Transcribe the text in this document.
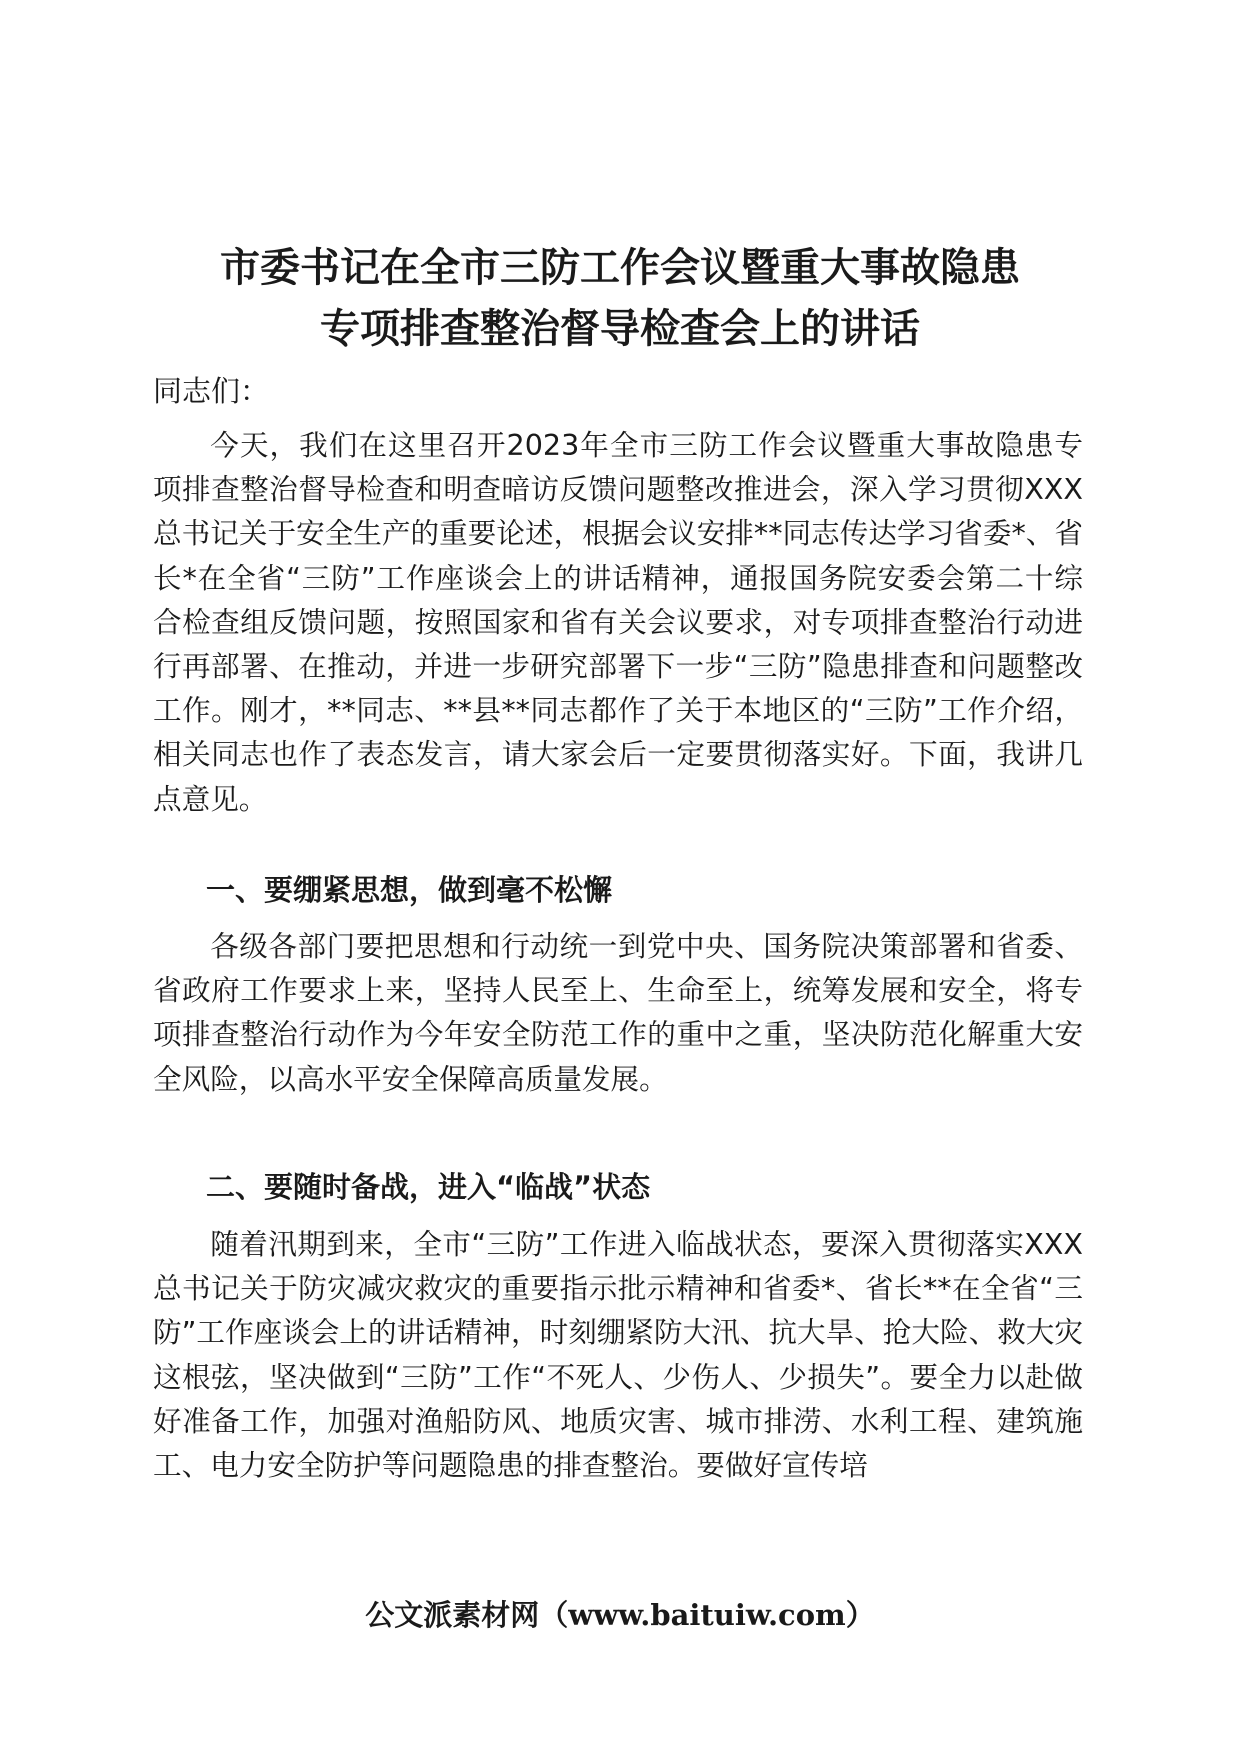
市委书记在全市三防工作会议暨重大事故隐患
专项排查整治督导检查会上的讲话
同志们：

今天，我们在这里召开2023年全市三防工作会议暨重大事故隐患专项排查整治督导检查和明查暗访反馈问题整改推进会，深入学习贯彻XXX总书记关于安全生产的重要论述，根据会议安排**同志传达学习省委*、省长*在全省“三防”工作座谈会上的讲话精神，通报国务院安委会第二十综合检查组反馈问题，按照国家和省有关会议要求，对专项排查整治行动进行再部署、在推动，并进一步研究部署下一步“三防”隐患排查和问题整改工作。刚才，**同志、**县**同志都作了关于本地区的“三防”工作介绍，相关同志也作了表态发言，请大家会后一定要贯彻落实好。下面，我讲几点意见。

一、要绷紧思想，做到毫不松懈

各级各部门要把思想和行动统一到党中央、国务院决策部署和省委、省政府工作要求上来，坚持人民至上、生命至上，统筹发展和安全，将专项排查整治行动作为今年安全防范工作的重中之重，坚决防范化解重大安全风险，以高水平安全保障高质量发展。

二、要随时备战，进入“临战”状态

随着汛期到来，全市“三防”工作进入临战状态，要深入贯彻落实XXX总书记关于防灾减灾救灾的重要指示批示精神和省委*、省长**在全省“三防”工作座谈会上的讲话精神，时刻绷紧防大汛、抗大旱、抢大险、救大灾这根弦，坚决做到“三防”工作“不死人、少伤人、少损失”。要全力以赴做好准备工作，加强对渔船防风、地质灾害、城市排涝、水利工程、建筑施工、电力安全防护等问题隐患的排查整治。要做好宣传培

公文派素材网（www.baituiw.com）
